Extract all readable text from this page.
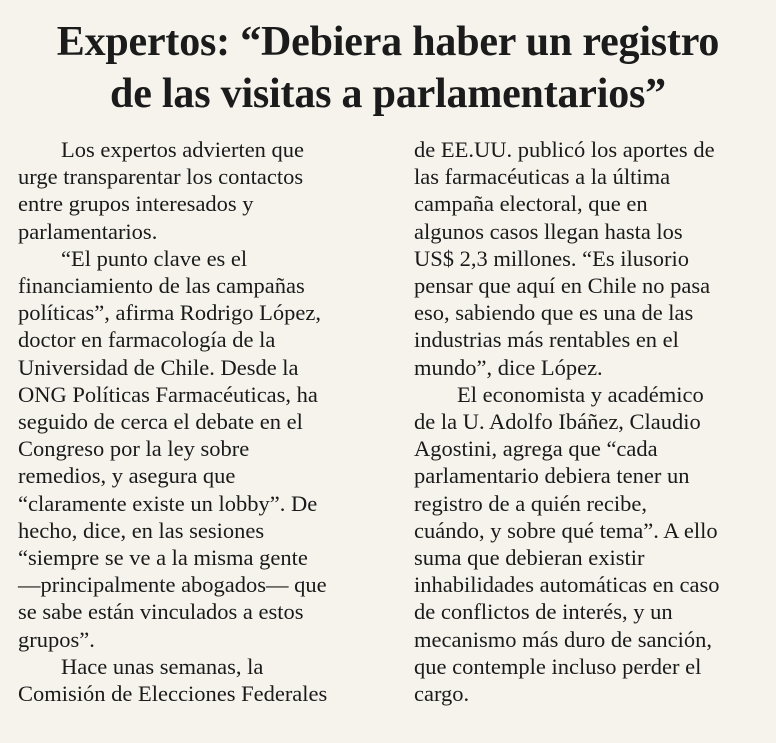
Expertos: “Debiera haber un registro
de las visitas a parlamentarios”

Los expertos advierten que

urge transparentar los contactos

entre grupos interesados y

parlamentarios.

“El punto clave es el

financiamiento de las campañas

políticas”, afirma Rodrigo López,

doctor en farmacología de la

Universidad de Chile. Desde la

ONG Políticas Farmacéuticas, ha

seguido de cerca el debate en el

Congreso por la ley sobre

remedios, y asegura que

“claramente existe un lobby”. De

hecho, dice, en las sesiones

“siempre se ve a la misma gente

—principalmente abogados— que

se sabe están vinculados a estos

grupos”.

Hace unas semanas, la

Comisión de Elecciones Federales

de EE.UU. publicó los aportes de

las farmacéuticas a la última

campaña electoral, que en

algunos casos llegan hasta los

US$ 2,3 millones. “Es ilusorio

pensar que aquí en Chile no pasa

eso, sabiendo que es una de las

industrias más rentables en el

mundo”, dice López.

El economista y académico

de la U. Adolfo Ibáñez, Claudio

Agostini, agrega que “cada

parlamentario debiera tener un

registro de a quién recibe,

cuándo, y sobre qué tema”. A ello

suma que debieran existir

inhabilidades automáticas en caso

de conflictos de interés, y un

mecanismo más duro de sanción,

que contemple incluso perder el

cargo.
